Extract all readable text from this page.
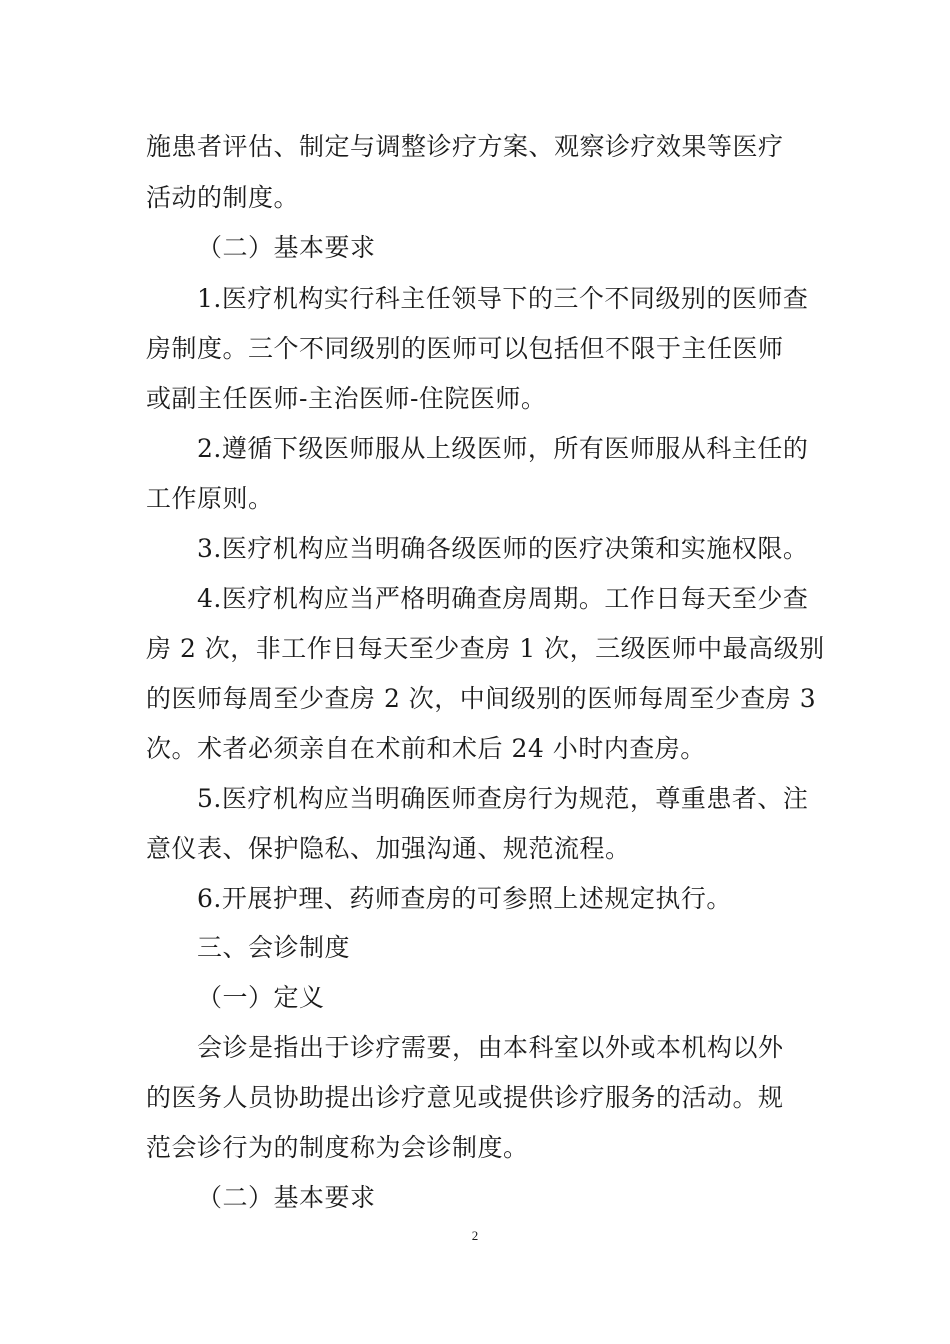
施患者评估、制定与调整诊疗方案、观察诊疗效果等医疗
活动的制度。
（二）基本要求
1.医疗机构实行科主任领导下的三个不同级别的医师查
房制度。三个不同级别的医师可以包括但不限于主任医师
或副主任医师-主治医师-住院医师。
2.遵循下级医师服从上级医师，所有医师服从科主任的
工作原则。
3.医疗机构应当明确各级医师的医疗决策和实施权限。
4.医疗机构应当严格明确查房周期。工作日每天至少查
房 2 次，非工作日每天至少查房 1 次，三级医师中最高级别
的医师每周至少查房 2 次，中间级别的医师每周至少查房 3
次。术者必须亲自在术前和术后 24 小时内查房。
5.医疗机构应当明确医师查房行为规范，尊重患者、注
意仪表、保护隐私、加强沟通、规范流程。
6.开展护理、药师查房的可参照上述规定执行。
三、会诊制度
（一）定义
会诊是指出于诊疗需要，由本科室以外或本机构以外
的医务人员协助提出诊疗意见或提供诊疗服务的活动。规
范会诊行为的制度称为会诊制度。
（二）基本要求
2
